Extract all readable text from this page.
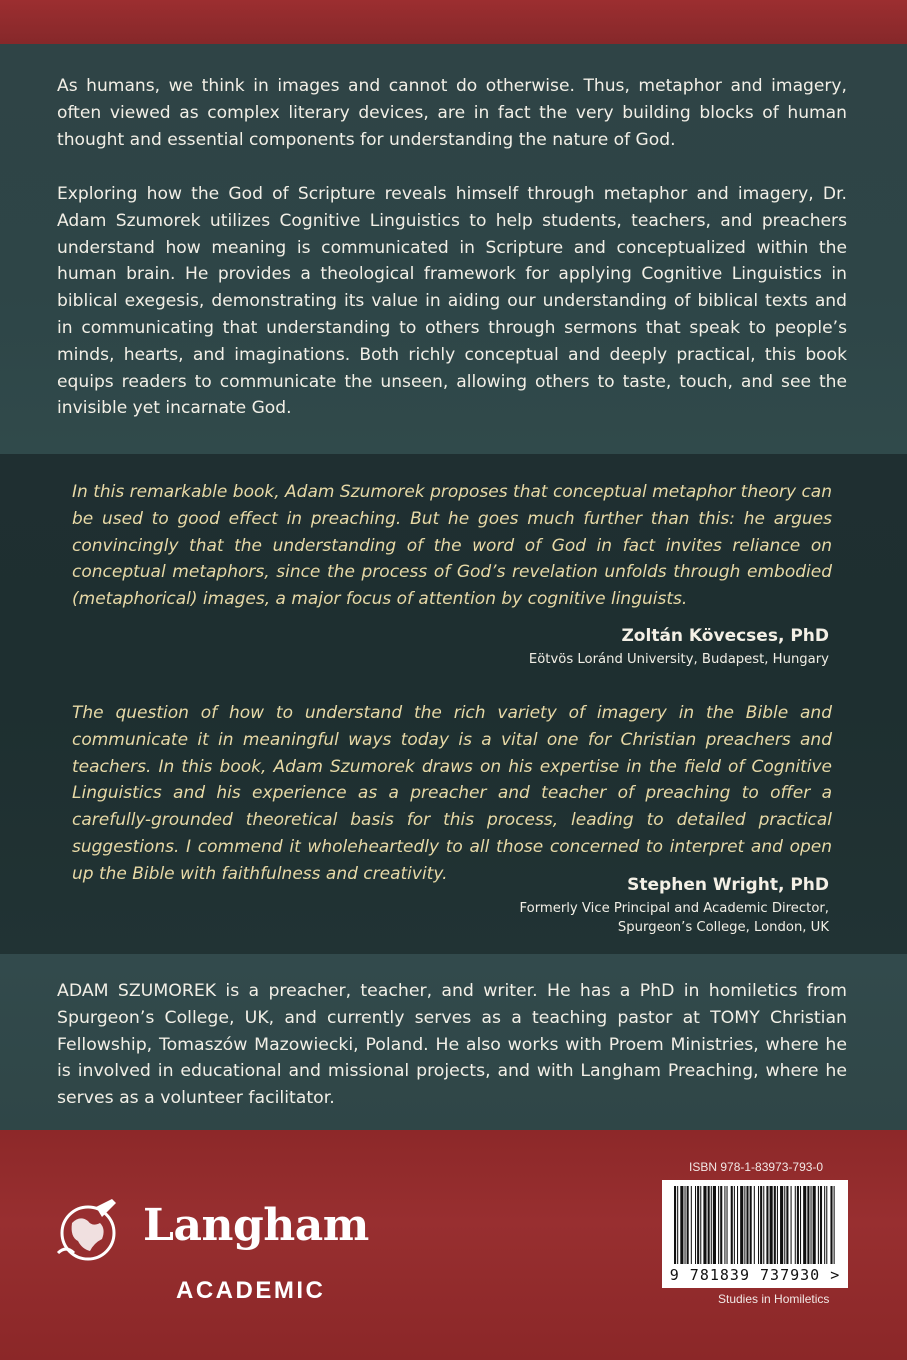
As humans, we think in images and cannot do otherwise. Thus, metaphor and imagery, often viewed as complex literary devices, are in fact the very building blocks of human thought and essential components for understanding the nature of God.

Exploring how the God of Scripture reveals himself through metaphor and imagery, Dr. Adam Szumorek utilizes Cognitive Linguistics to help students, teachers, and preachers understand how meaning is communicated in Scripture and conceptualized within the human brain. He provides a theological framework for applying Cognitive Linguistics in biblical exegesis, demonstrating its value in aiding our understanding of biblical texts and in communicating that understanding to others through sermons that speak to people’s minds, hearts, and imaginations. Both richly conceptual and deeply practical, this book equips readers to communicate the unseen, allowing others to taste, touch, and see the invisible yet incarnate God.

In this remarkable book, Adam Szumorek proposes that conceptual metaphor theory can be used to good effect in preaching. But he goes much further than this: he argues convincingly that the understanding of the word of God in fact invites reliance on conceptual metaphors, since the process of God’s revelation unfolds through embodied (metaphorical) images, a major focus of attention by cognitive linguists.

Zoltán Kövecses, PhD
Eötvös Loránd University, Budapest, Hungary

The question of how to understand the rich variety of imagery in the Bible and communicate it in meaningful ways today is a vital one for Christian preachers and teachers. In this book, Adam Szumorek draws on his expertise in the field of Cognitive Linguistics and his experience as a preacher and teacher of preaching to offer a carefully-grounded theoretical basis for this process, leading to detailed practical suggestions. I commend it wholeheartedly to all those concerned to interpret and open up the Bible with faithfulness and creativity.

Stephen Wright, PhD
Formerly Vice Principal and Academic Director,
Spurgeon’s College, London, UK

ADAM SZUMOREK is a preacher, teacher, and writer. He has a PhD in homiletics from Spurgeon’s College, UK, and currently serves as a teaching pastor at TOMY Christian Fellowship, Tomaszów Mazowiecki, Poland. He also works with Proem Ministries, where he is involved in educational and missional projects, and with Langham Preaching, where he serves as a volunteer facilitator.

Langham
ACADEMIC
ISBN 978-1-83973-793-0
9 781839 737930 >
Studies in Homiletics
